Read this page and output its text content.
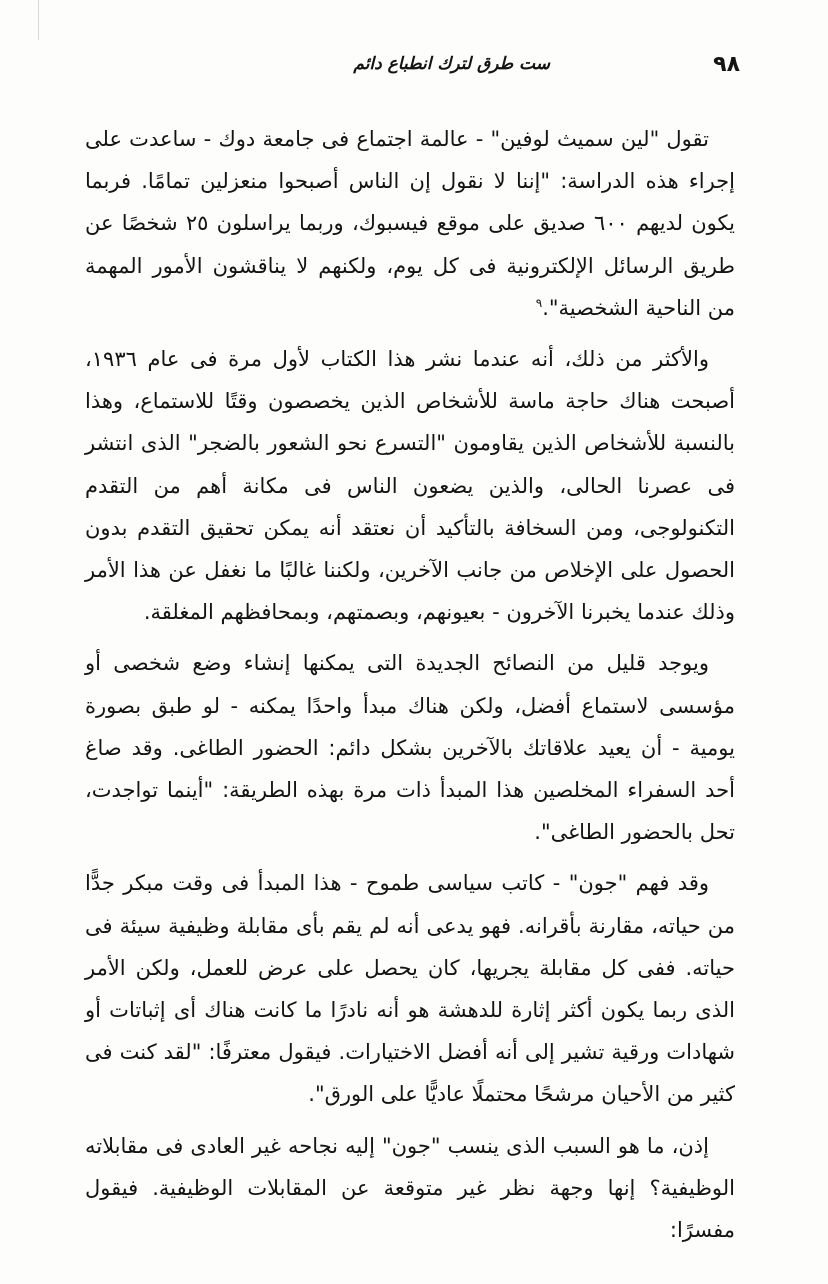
٩٨
ست طرق لترك انطباع دائم

تقول "لين سميث لوفين" - عالمة اجتماع فى جامعة دوك - ساعدت على إجراء هذه الدراسة: "إننا لا نقول إن الناس أصبحوا منعزلين تمامًا. فربما يكون لديهم ٦٠٠ صديق على موقع فيسبوك، وربما يراسلون ٢٥ شخصًا عن طريق الرسائل الإلكترونية فى كل يوم، ولكنهم لا يناقشون الأمور المهمة من الناحية الشخصية".$^٩$

والأكثر من ذلك، أنه عندما نشر هذا الكتاب لأول مرة فى عام ١٩٣٦، أصبحت هناك حاجة ماسة للأشخاص الذين يخصصون وقتًا للاستماع، وهذا بالنسبة للأشخاص الذين يقاومون "التسرع نحو الشعور بالضجر" الذى انتشر فى عصرنا الحالى، والذين يضعون الناس فى مكانة أهم من التقدم التكنولوجى، ومن السخافة بالتأكيد أن نعتقد أنه يمكن تحقيق التقدم بدون الحصول على الإخلاص من جانب الآخرين، ولكننا غالبًا ما نغفل عن هذا الأمر وذلك عندما يخبرنا الآخرون - بعيونهم، وبصمتهم، وبمحافظهم المغلقة.

ويوجد قليل من النصائح الجديدة التى يمكنها إنشاء وضع شخصى أو مؤسسى لاستماع أفضل، ولكن هناك مبدأ واحدًا يمكنه - لو طبق بصورة يومية - أن يعيد علاقاتك بالآخرين بشكل دائم: الحضور الطاغى. وقد صاغ أحد السفراء المخلصين هذا المبدأ ذات مرة بهذه الطريقة: "أينما تواجدت، تحل بالحضور الطاغى".

وقد فهم "جون" - كاتب سياسى طموح - هذا المبدأ فى وقت مبكر جدًّا من حياته، مقارنة بأقرانه. فهو يدعى أنه لم يقم بأى مقابلة وظيفية سيئة فى حياته. ففى كل مقابلة يجريها، كان يحصل على عرض للعمل، ولكن الأمر الذى ربما يكون أكثر إثارة للدهشة هو أنه نادرًا ما كانت هناك أى إثباتات أو شهادات ورقية تشير إلى أنه أفضل الاختيارات. فيقول معترفًا: "لقد كنت فى كثير من الأحيان مرشحًا محتملًا عاديًّا على الورق".

إذن، ما هو السبب الذى ينسب "جون" إليه نجاحه غير العادى فى مقابلاته الوظيفية؟ إنها وجهة نظر غير متوقعة عن المقابلات الوظيفية. فيقول مفسرًا:
